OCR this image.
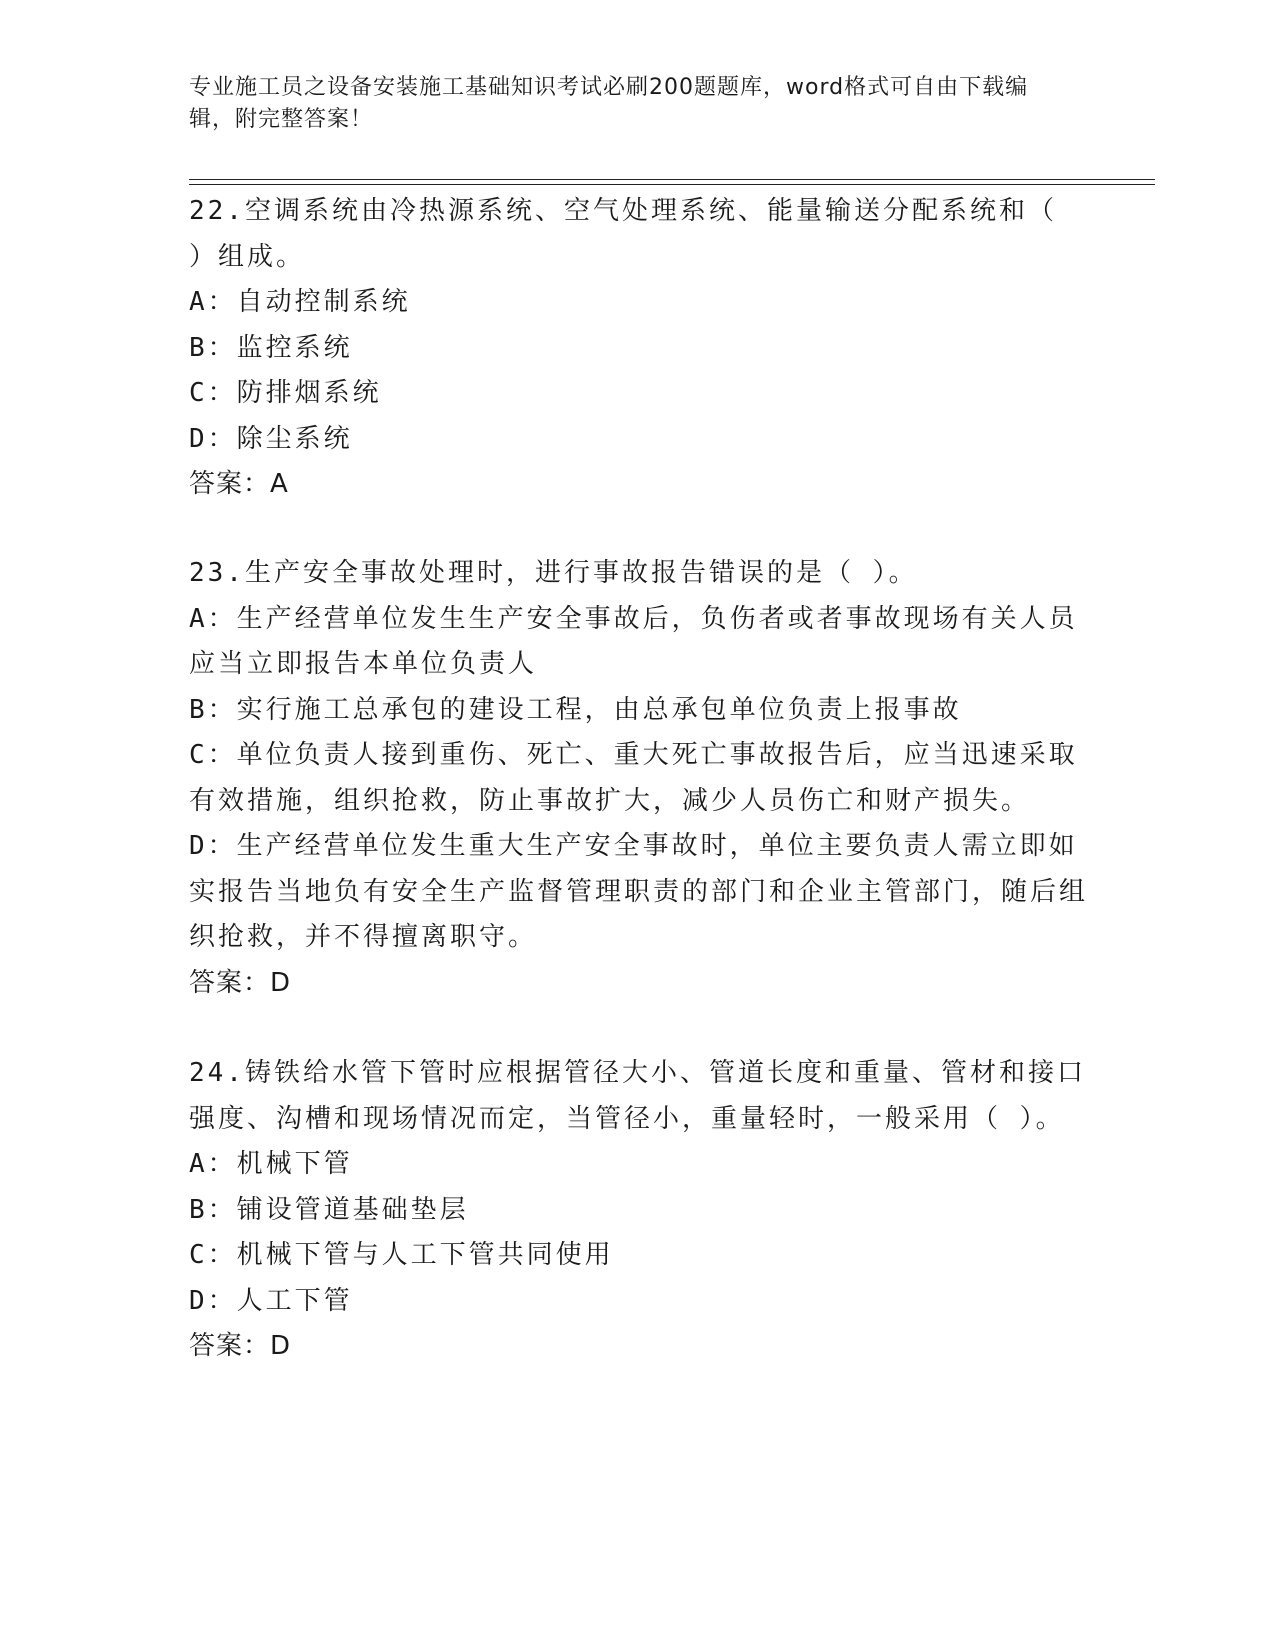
专业施工员之设备安装施工基础知识考试必刷200题题库，word格式可自由下载编辑，附完整答案！
22.空调系统由冷热源系统、空气处理系统、能量输送分配系统和（ ）组成。
A：自动控制系统
B：监控系统
C：防排烟系统
D：除尘系统
答案：A
23.生产安全事故处理时，进行事故报告错误的是（ ）。
A：生产经营单位发生生产安全事故后，负伤者或者事故现场有关人员应当立即报告本单位负责人
B：实行施工总承包的建设工程，由总承包单位负责上报事故
C：单位负责人接到重伤、死亡、重大死亡事故报告后，应当迅速采取有效措施，组织抢救，防止事故扩大，减少人员伤亡和财产损失。
D：生产经营单位发生重大生产安全事故时，单位主要负责人需立即如实报告当地负有安全生产监督管理职责的部门和企业主管部门，随后组织抢救，并不得擅离职守。
答案：D
24.铸铁给水管下管时应根据管径大小、管道长度和重量、管材和接口强度、沟槽和现场情况而定，当管径小，重量轻时，一般采用（ ）。
A：机械下管
B：铺设管道基础垫层
C：机械下管与人工下管共同使用
D：人工下管
答案：D
